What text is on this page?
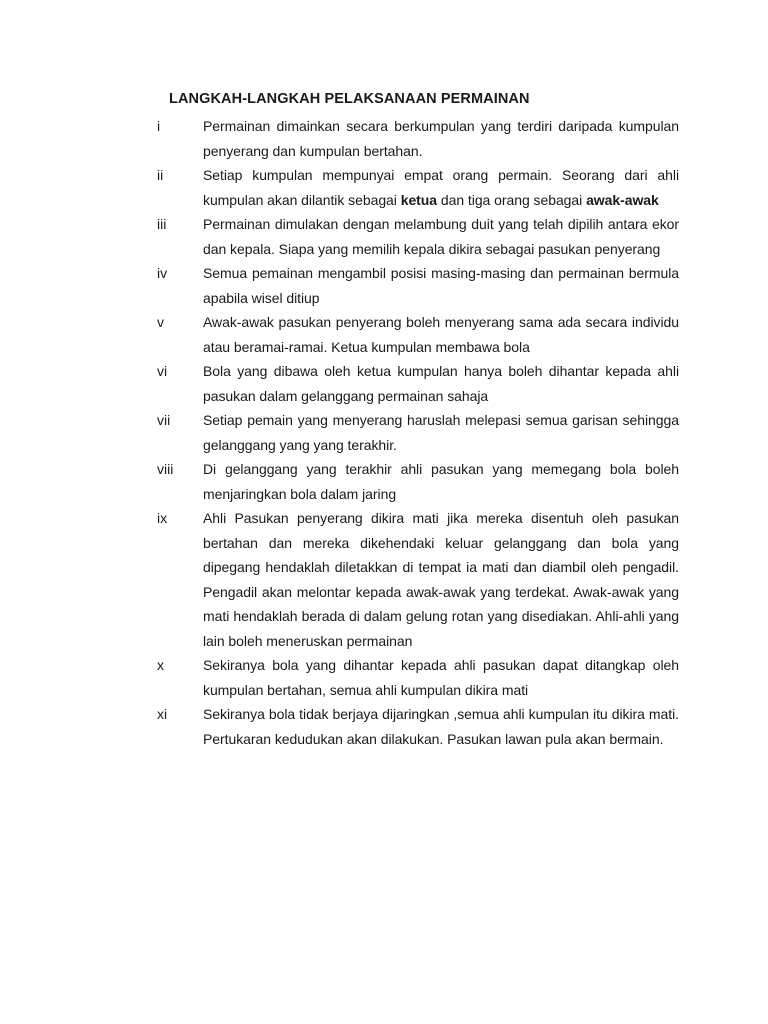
LANGKAH-LANGKAH PELAKSANAAN PERMAINAN
i	Permainan dimainkan secara berkumpulan yang terdiri daripada kumpulan penyerang dan kumpulan bertahan.
ii	Setiap kumpulan mempunyai empat orang permain. Seorang dari ahli kumpulan akan dilantik sebagai ketua dan tiga orang sebagai awak-awak
iii	Permainan dimulakan dengan melambung duit yang telah dipilih antara ekor dan kepala. Siapa yang memilih kepala dikira sebagai pasukan penyerang
iv	Semua pemainan mengambil posisi masing-masing dan permainan bermula apabila wisel ditiup
v	Awak-awak pasukan penyerang boleh menyerang sama ada secara individu atau beramai-ramai. Ketua kumpulan membawa bola
vi	Bola yang dibawa oleh ketua kumpulan hanya boleh dihantar kepada ahli pasukan dalam gelanggang permainan sahaja
vii	Setiap pemain yang menyerang haruslah melepasi semua garisan sehingga gelanggang yang yang terakhir.
viii	Di gelanggang yang terakhir ahli pasukan yang memegang bola boleh menjaringkan bola dalam jaring
ix	Ahli Pasukan penyerang dikira mati jika mereka disentuh oleh pasukan bertahan dan mereka dikehendaki keluar gelanggang dan bola yang dipegang hendaklah diletakkan di tempat ia mati dan diambil oleh pengadil. Pengadil akan melontar kepada awak-awak yang terdekat. Awak-awak yang mati hendaklah berada di dalam gelung rotan yang disediakan. Ahli-ahli yang lain boleh meneruskan permainan
x	Sekiranya bola yang dihantar kepada ahli pasukan dapat ditangkap oleh kumpulan bertahan, semua ahli kumpulan dikira mati
xi	Sekiranya bola tidak berjaya dijaringkan ,semua ahli kumpulan itu dikira mati. Pertukaran kedudukan akan dilakukan. Pasukan lawan pula akan bermain.
